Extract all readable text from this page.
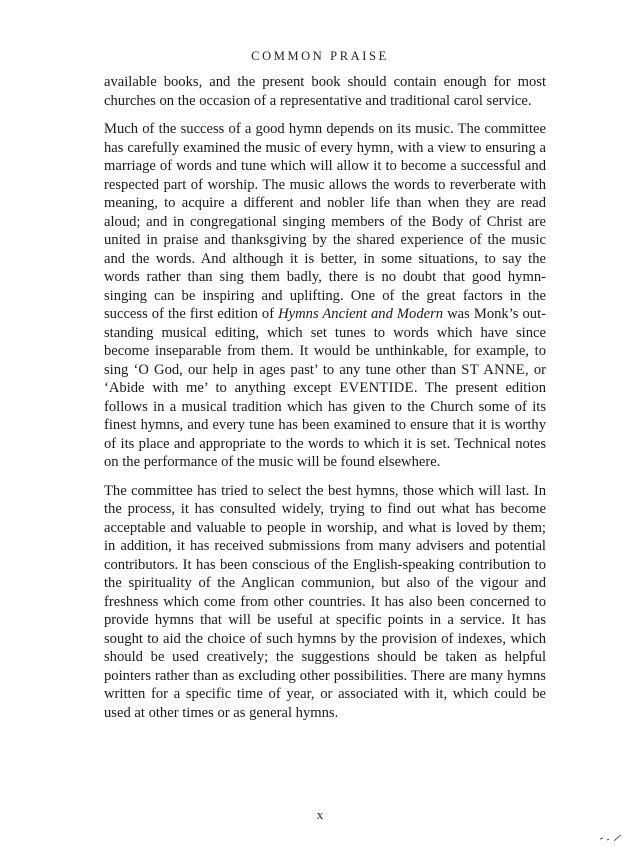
COMMON PRAISE

available books, and the present book should contain enough for most churches on the occasion of a representative and traditional carol service.

Much of the success of a good hymn depends on its music. The committee has carefully examined the music of every hymn, with a view to ensuring a marriage of words and tune which will allow it to become a successful and respected part of worship. The music allows the words to reverberate with meaning, to acquire a different and nobler life than when they are read aloud; and in congregational singing members of the Body of Christ are united in praise and thanksgiving by the shared experience of the music and the words. And although it is better, in some situations, to say the words rather than sing them badly, there is no doubt that good hymn-singing can be inspiring and uplifting. One of the great factors in the success of the first edition of Hymns Ancient and Modern was Monk’s outstanding musical editing, which set tunes to words which have since become inseparable from them. It would be unthinkable, for example, to sing ‘O God, our help in ages past’ to any tune other than ST ANNE, or ‘Abide with me’ to anything except EVENTIDE. The present edition follows in a musical tradition which has given to the Church some of its finest hymns, and every tune has been examined to ensure that it is worthy of its place and appropriate to the words to which it is set. Technical notes on the performance of the music will be found elsewhere.

The committee has tried to select the best hymns, those which will last. In the process, it has consulted widely, trying to find out what has become acceptable and valuable to people in worship, and what is loved by them; in addition, it has received submissions from many advisers and potential contributors. It has been conscious of the English-speaking contribution to the spirituality of the Anglican communion, but also of the vigour and freshness which come from other countries. It has also been concerned to provide hymns that will be useful at specific points in a service. It has sought to aid the choice of such hymns by the provision of indexes, which should be used creatively; the suggestions should be taken as helpful pointers rather than as excluding other possibilities. There are many hymns written for a specific time of year, or associated with it, which could be used at other times or as general hymns.

x
